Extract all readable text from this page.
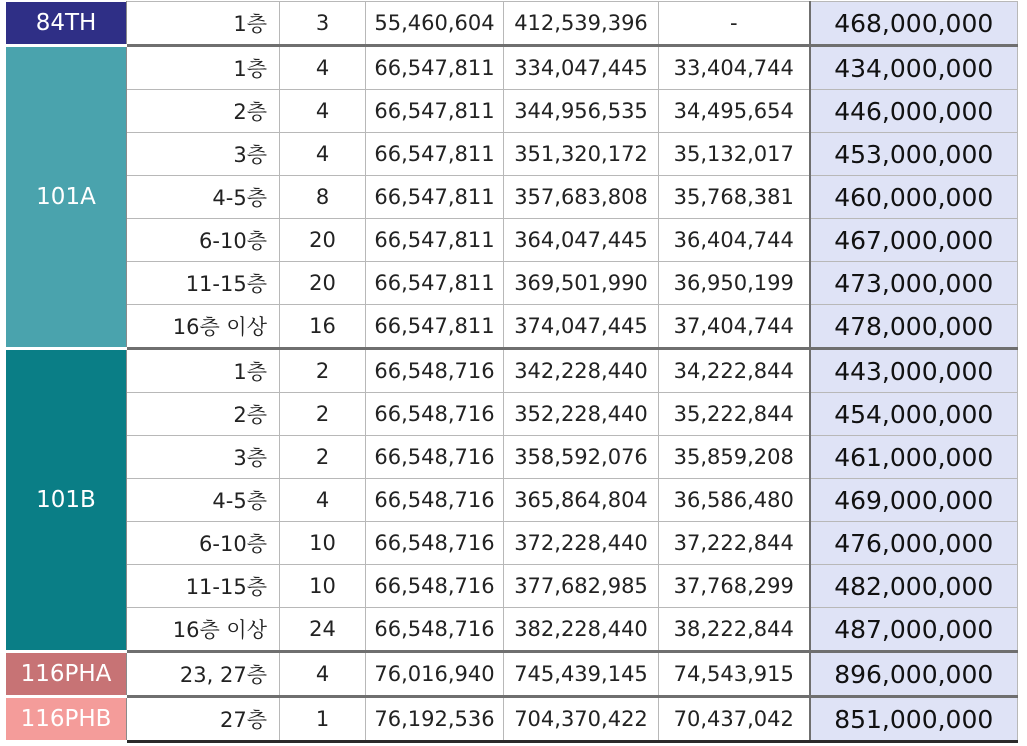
84TH	1층	3	55,460,604	412,539,396	-	468,000,000
101A	1층	4	66,547,811	334,047,445	33,404,744	434,000,000
	2층	4	66,547,811	344,956,535	34,495,654	446,000,000
	3층	4	66,547,811	351,320,172	35,132,017	453,000,000
	4-5층	8	66,547,811	357,683,808	35,768,381	460,000,000
	6-10층	20	66,547,811	364,047,445	36,404,744	467,000,000
	11-15층	20	66,547,811	369,501,990	36,950,199	473,000,000
	16층 이상	16	66,547,811	374,047,445	37,404,744	478,000,000
101B	1층	2	66,548,716	342,228,440	34,222,844	443,000,000
	2층	2	66,548,716	352,228,440	35,222,844	454,000,000
	3층	2	66,548,716	358,592,076	35,859,208	461,000,000
	4-5층	4	66,548,716	365,864,804	36,586,480	469,000,000
	6-10층	10	66,548,716	372,228,440	37,222,844	476,000,000
	11-15층	10	66,548,716	377,682,985	37,768,299	482,000,000
	16층 이상	24	66,548,716	382,228,440	38,222,844	487,000,000
116PHA	23, 27층	4	76,016,940	745,439,145	74,543,915	896,000,000
116PHB	27층	1	76,192,536	704,370,422	70,437,042	851,000,000
